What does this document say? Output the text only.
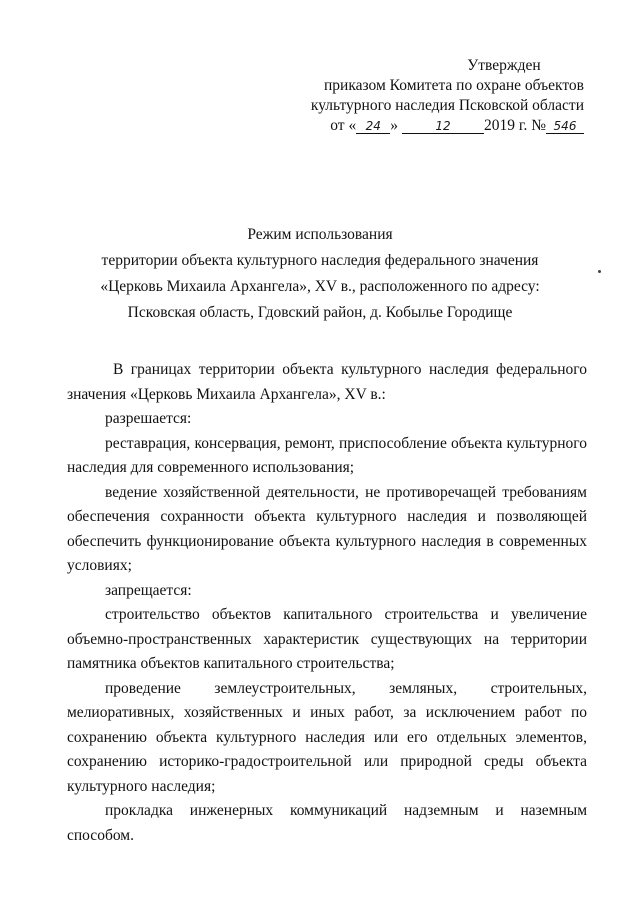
Утвержден
приказом Комитета по охране объектов
культурного наследия Псковской области
от « 24 »	12 2019 г. № 546
Режим использования
территории объекта культурного наследия федерального значения
«Церковь Михаила Архангела», XV в., расположенного по адресу:
Псковская область, Гдовский район, д. Кобылье Городище

В границах территории объекта культурного наследия федерального значения «Церковь Михаила Архангела», XV в.:

разрешается:

реставрация, консервация, ремонт, приспособление объекта культурного наследия для современного использования;

ведение хозяйственной деятельности, не противоречащей требованиям обеспечения сохранности объекта культурного наследия и позволяющей обеспечить функционирование объекта культурного наследия в современных условиях;

запрещается:

строительство объектов капитального строительства и увеличение объемно-пространственных характеристик существующих на территории памятника объектов капитального строительства;

проведение землеустроительных, земляных, строительных, мелиоративных, хозяйственных и иных работ, за исключением работ по сохранению объекта культурного наследия или его отдельных элементов, сохранению историко-градостроительной или природной среды объекта культурного наследия;

прокладка инженерных коммуникаций надземным и наземным способом.
